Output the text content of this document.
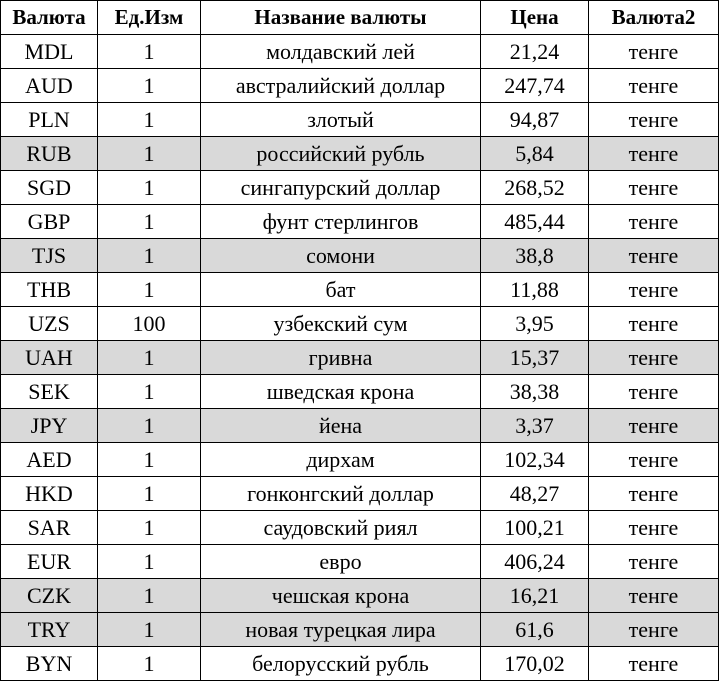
Валюта	Ед.Изм	Название валюты	Цена	Валюта2
MDL	1	молдавский лей	21,24	тенге
AUD	1	австралийский доллар	247,74	тенге
PLN	1	злотый	94,87	тенге
RUB	1	российский рубль	5,84	тенге
SGD	1	сингапурский доллар	268,52	тенге
GBP	1	фунт стерлингов	485,44	тенге
TJS	1	сомони	38,8	тенге
THB	1	бат	11,88	тенге
UZS	100	узбекский сум	3,95	тенге
UAH	1	гривна	15,37	тенге
SEK	1	шведская крона	38,38	тенге
JPY	1	йена	3,37	тенге
AED	1	дирхам	102,34	тенге
HKD	1	гонконгский доллар	48,27	тенге
SAR	1	саудовский риял	100,21	тенге
EUR	1	евро	406,24	тенге
CZK	1	чешская крона	16,21	тенге
TRY	1	новая турецкая лира	61,6	тенге
BYN	1	белорусский рубль	170,02	тенге
